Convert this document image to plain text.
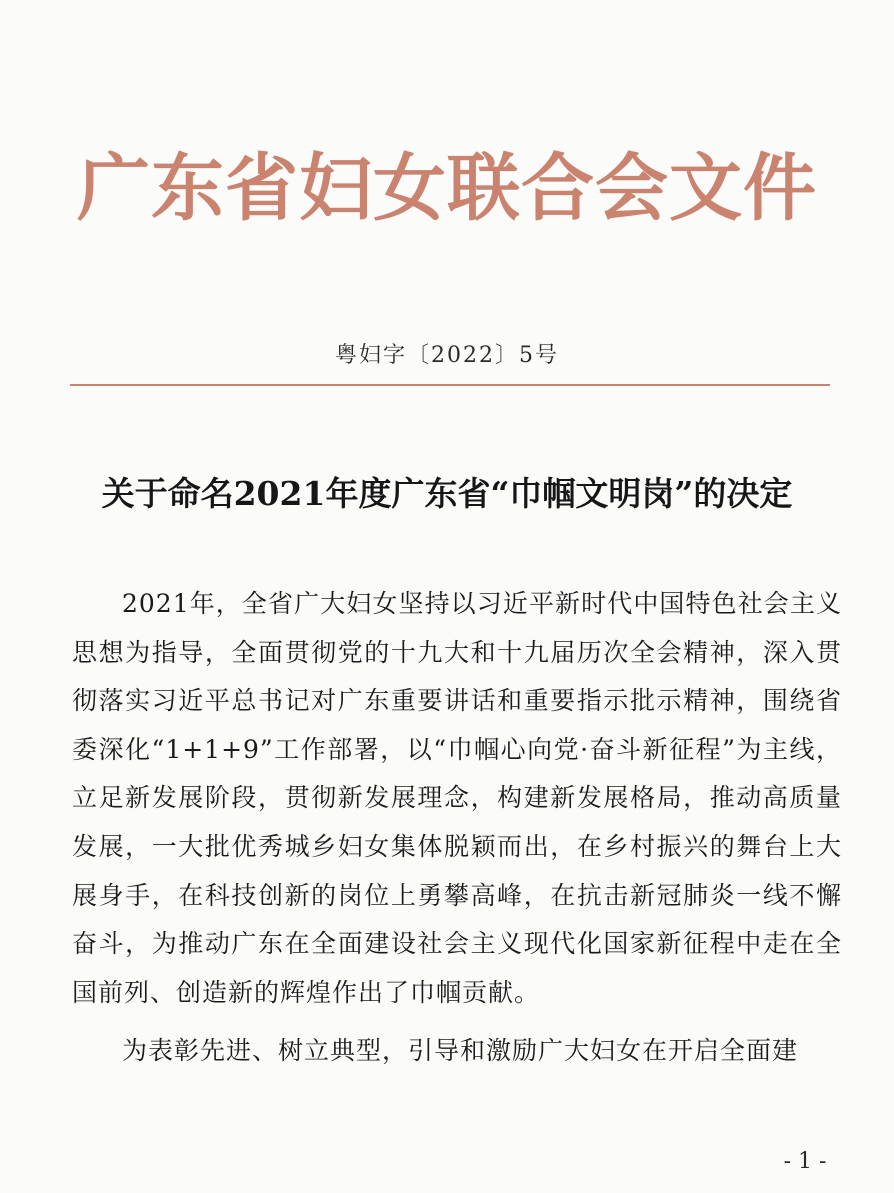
广东省妇女联合会文件
粤妇字〔2022〕5号
关于命名2021年度广东省“巾帼文明岗”的决定

2021年，全省广大妇女坚持以习近平新时代中国特色社会主义思想为指导，全面贯彻党的十九大和十九届历次全会精神，深入贯彻落实习近平总书记对广东重要讲话和重要指示批示精神，围绕省委深化“1+1+9”工作部署，以“巾帼心向党·奋斗新征程”为主线，立足新发展阶段，贯彻新发展理念，构建新发展格局，推动高质量发展，一大批优秀城乡妇女集体脱颖而出，在乡村振兴的舞台上大展身手，在科技创新的岗位上勇攀高峰，在抗击新冠肺炎一线不懈奋斗，为推动广东在全面建设社会主义现代化国家新征程中走在全国前列、创造新的辉煌作出了巾帼贡献。

为表彰先进、树立典型，引导和激励广大妇女在开启全面建

- 1 -
